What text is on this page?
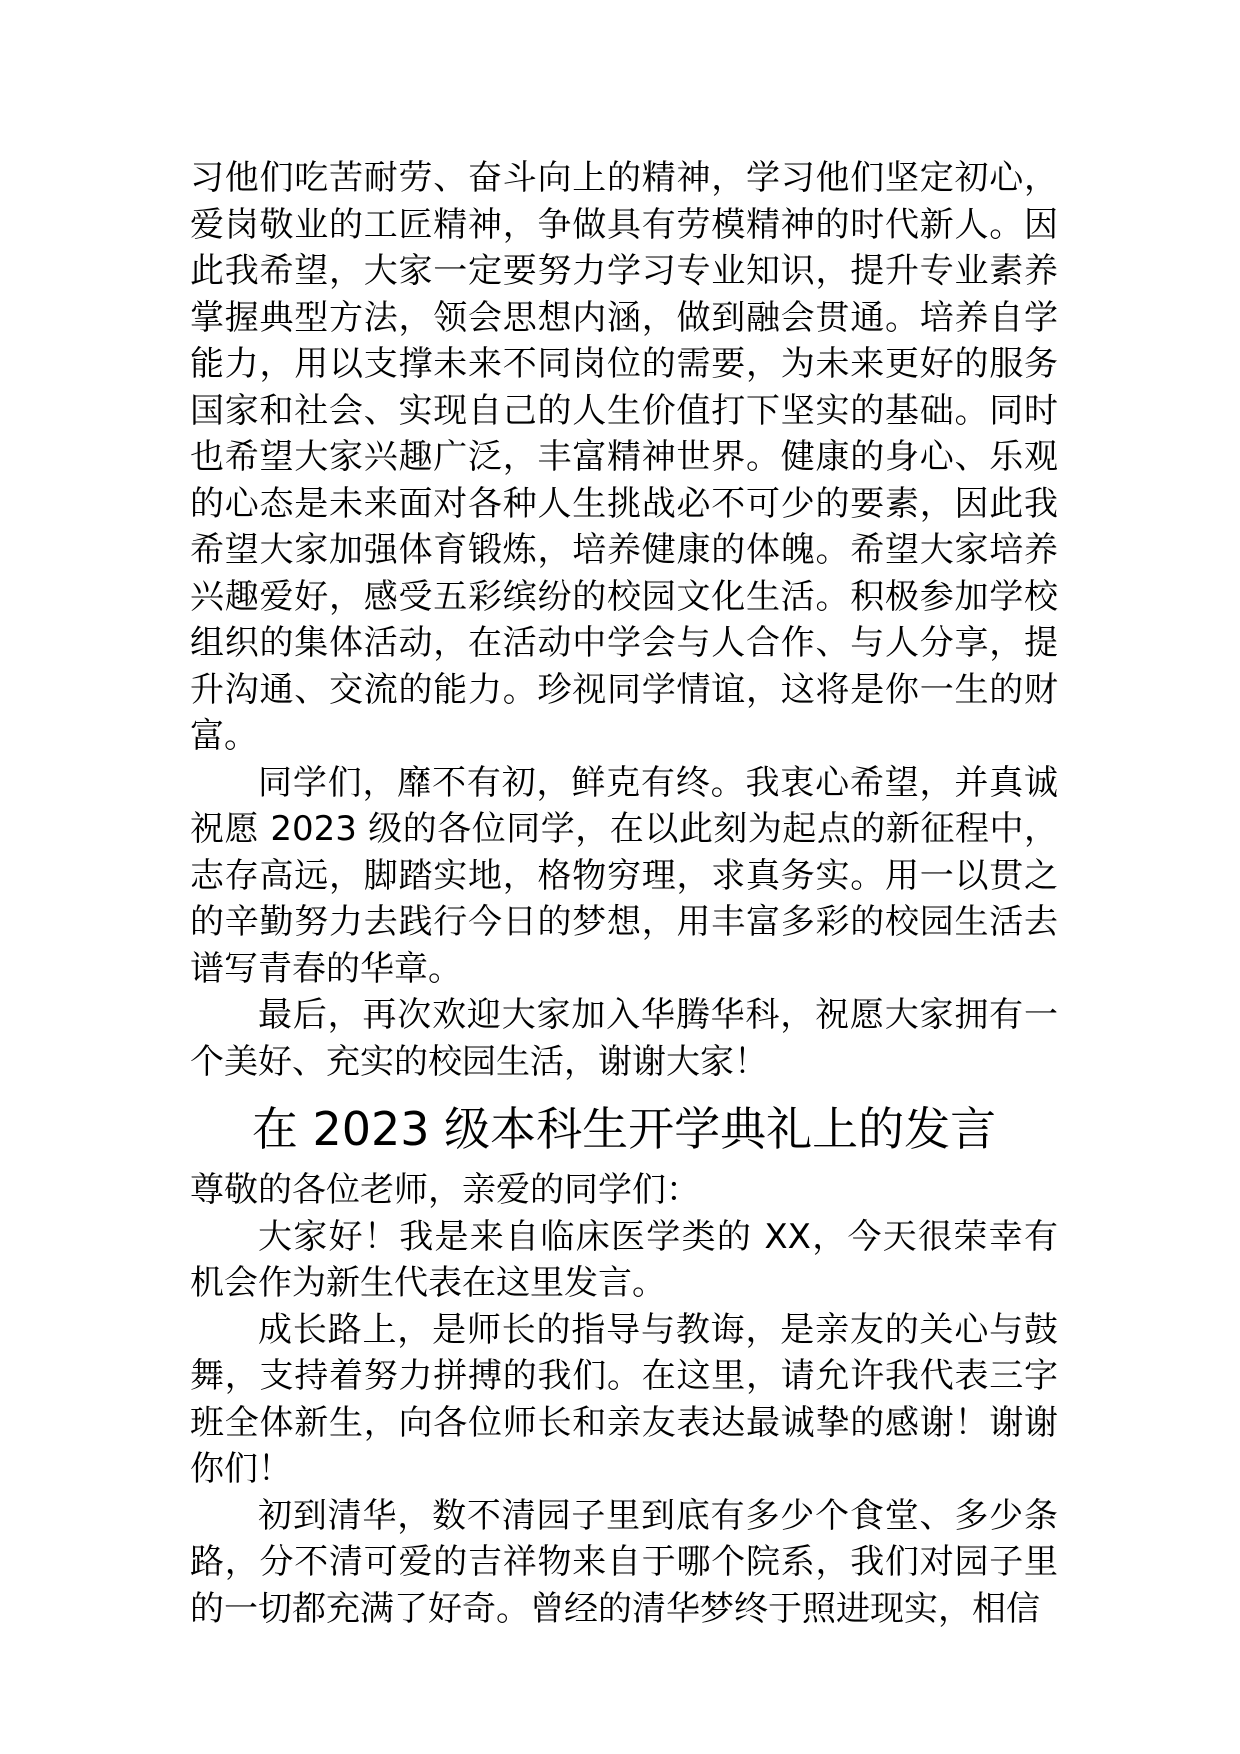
习他们吃苦耐劳、奋斗向上的精神，学习他们坚定初心，爱岗敬业的工匠精神，争做具有劳模精神的时代新人。因此我希望，大家一定要努力学习专业知识，提升专业素养掌握典型方法，领会思想内涵，做到融会贯通。培养自学能力，用以支撑未来不同岗位的需要，为未来更好的服务国家和社会、实现自己的人生价值打下坚实的基础。同时也希望大家兴趣广泛，丰富精神世界。健康的身心、乐观的心态是未来面对各种人生挑战必不可少的要素，因此我希望大家加强体育锻炼，培养健康的体魄。希望大家培养兴趣爱好，感受五彩缤纷的校园文化生活。积极参加学校组织的集体活动，在活动中学会与人合作、与人分享，提升沟通、交流的能力。珍视同学情谊，这将是你一生的财富。

同学们，靡不有初，鲜克有终。我衷心希望，并真诚祝愿 2023 级的各位同学，在以此刻为起点的新征程中，志存高远，脚踏实地，格物穷理，求真务实。用一以贯之的辛勤努力去践行今日的梦想，用丰富多彩的校园生活去谱写青春的华章。

最后，再次欢迎大家加入华腾华科，祝愿大家拥有一个美好、充实的校园生活，谢谢大家！

在 2023 级本科生开学典礼上的发言

尊敬的各位老师，亲爱的同学们：

大家好！我是来自临床医学类的 XX，今天很荣幸有机会作为新生代表在这里发言。

成长路上，是师长的指导与教诲，是亲友的关心与鼓舞，支持着努力拼搏的我们。在这里，请允许我代表三字班全体新生，向各位师长和亲友表达最诚挚的感谢！谢谢你们！

初到清华，数不清园子里到底有多少个食堂、多少条路，分不清可爱的吉祥物来自于哪个院系，我们对园子里的一切都充满了好奇。曾经的清华梦终于照进现实，相信
